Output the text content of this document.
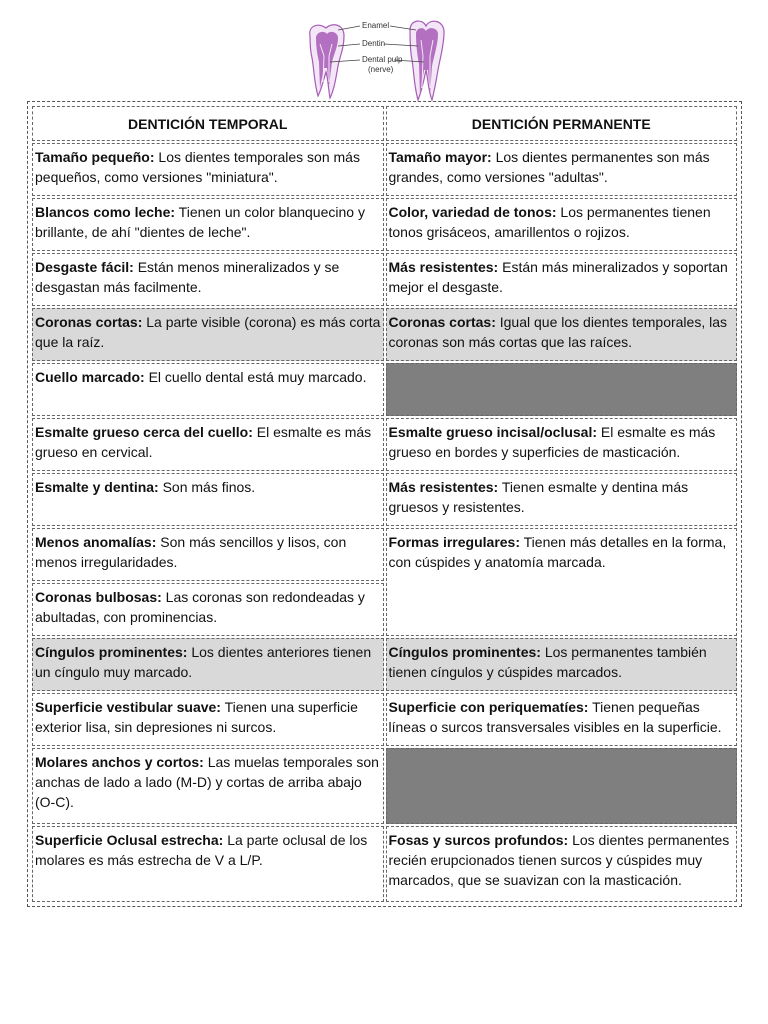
Enamel
Dentin
Dental pulp
(nerve)
DENTICIÓN TEMPORAL	DENTICIÓN PERMANENTE
Tamaño pequeño: Los dientes temporales son más pequeños, como versiones "miniatura".	Tamaño mayor: Los dientes permanentes son más grandes, como versiones "adultas".
Blancos como leche: Tienen un color blanquecino y brillante, de ahí "dientes de leche".	Color, variedad de tonos: Los permanentes tienen tonos grisáceos, amarillentos o rojizos.
Desgaste fácil: Están menos mineralizados y se desgastan más facilmente.	Más resistentes: Están más mineralizados y soportan mejor el desgaste.
Coronas cortas: La parte visible (corona) es más corta que la raíz.	Coronas cortas: Igual que los dientes temporales, las coronas son más cortas que las raíces.
Cuello marcado: El cuello dental está muy marcado.	
Esmalte grueso cerca del cuello: El esmalte es más grueso en cervical.	Esmalte grueso incisal/oclusal: El esmalte es más grueso en bordes y superficies de masticación.
Esmalte y dentina: Son más finos.	Más resistentes: Tienen esmalte y dentina más gruesos y resistentes.
Menos anomalías: Son más sencillos y lisos, con menos irregularidades.	Formas irregulares: Tienen más detalles en la forma, con cúspides y anatomía marcada.
Coronas bulbosas: Las coronas son redondeadas y abultadas, con prominencias.	
Cíngulos prominentes: Los dientes anteriores tienen un cíngulo muy marcado.	Cíngulos prominentes: Los permanentes también tienen cíngulos y cúspides marcados.
Superficie vestibular suave: Tienen una superficie exterior lisa, sin depresiones ni surcos.	Superficie con periquematíes: Tienen pequeñas líneas o surcos transversales visibles en la superficie.
Molares anchos y cortos: Las muelas temporales son anchas de lado a lado (M-D) y cortas de arriba abajo (O-C).	
Superficie Oclusal estrecha: La parte oclusal de los molares es más estrecha de V a L/P.	Fosas y surcos profundos: Los dientes permanentes recién erupcionados tienen surcos y cúspides muy marcados, que se suavizan con la masticación.
